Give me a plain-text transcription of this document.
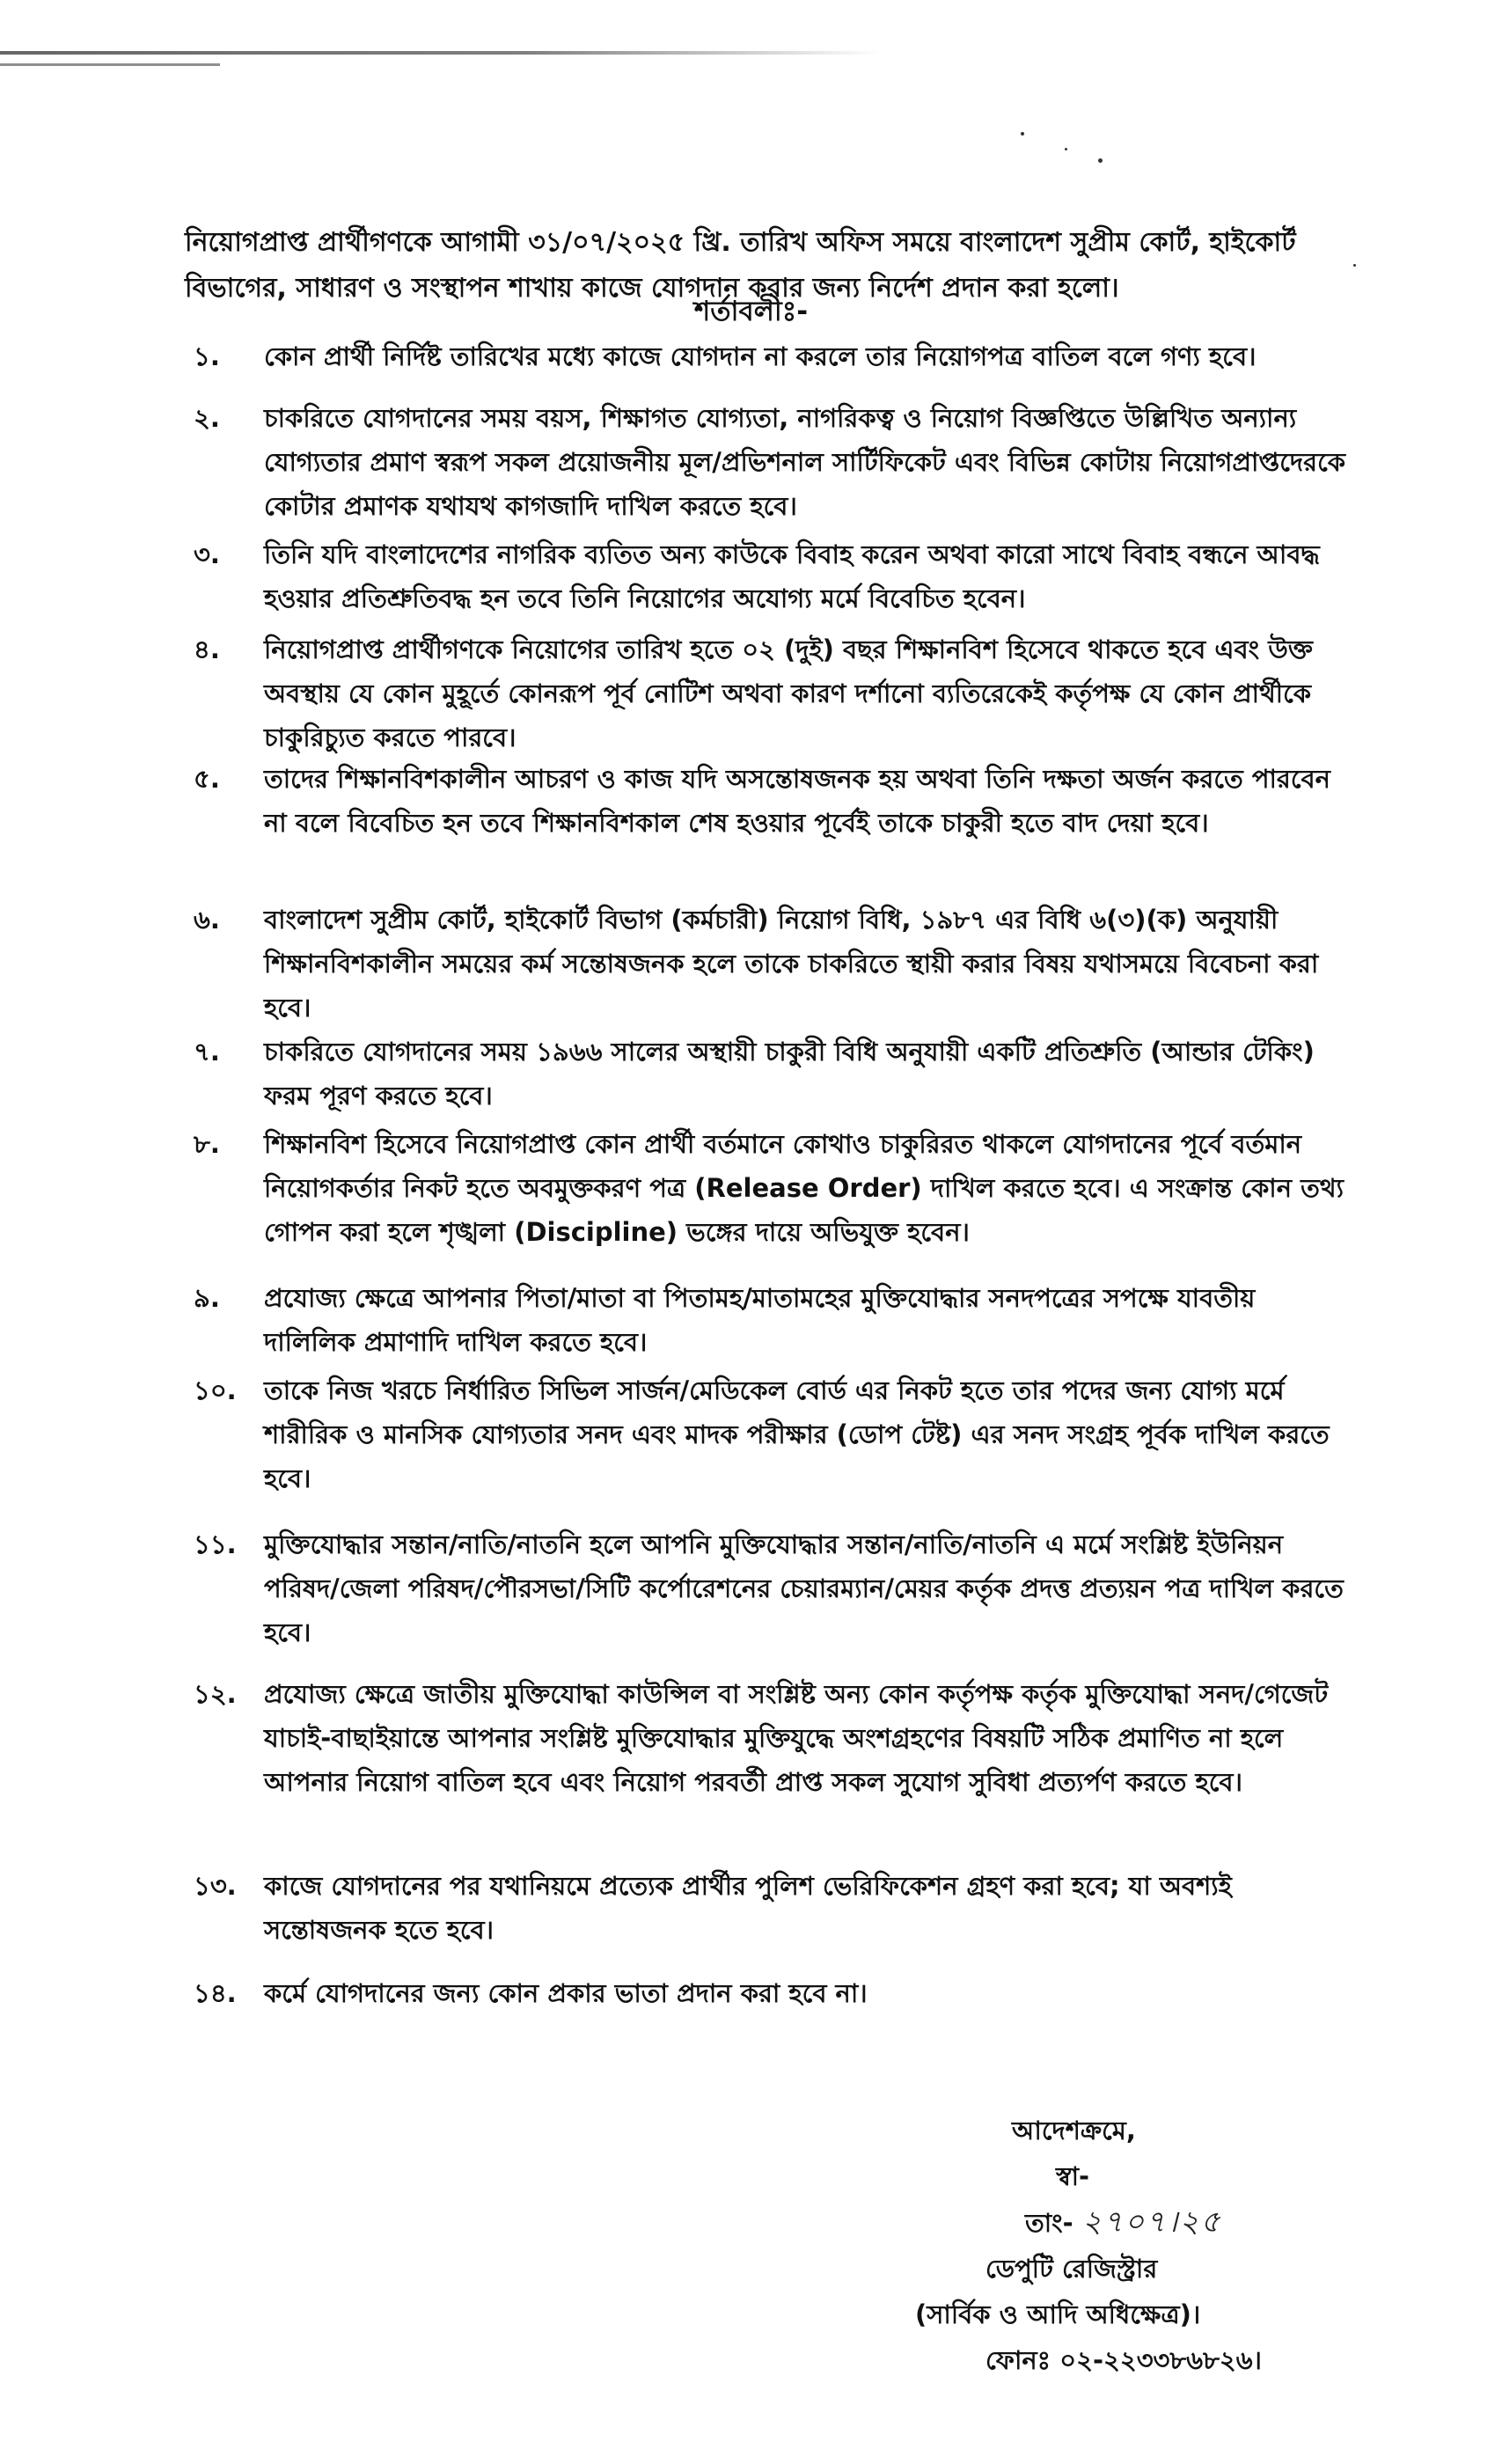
নিয়োগপ্রাপ্ত প্রার্থীগণকে আগামী ৩১/০৭/২০২৫ খ্রি. তারিখ অফিস সময়ে বাংলাদেশ সুপ্রীম কোর্ট, হাইকোর্ট বিভাগের, সাধারণ ও সংস্থাপন শাখায় কাজে যোগদান করার জন্য নির্দেশ প্রদান করা হলো।

শর্তাবলীঃ-
১.	কোন প্রার্থী নির্দিষ্ট তারিখের মধ্যে কাজে যোগদান না করলে তার নিয়োগপত্র বাতিল বলে গণ্য হবে।
২.	চাকরিতে যোগদানের সময় বয়স, শিক্ষাগত যোগ্যতা, নাগরিকত্ব ও নিয়োগ বিজ্ঞপ্তিতে উল্লিখিত অন্যান্য যোগ্যতার প্রমাণ স্বরূপ সকল প্রয়োজনীয় মূল/প্রভিশনাল সার্টিফিকেট এবং বিভিন্ন কোটায় নিয়োগপ্রাপ্তদেরকে কোটার প্রমাণক যথাযথ কাগজাদি দাখিল করতে হবে।
৩.	তিনি যদি বাংলাদেশের নাগরিক ব্যতিত অন্য কাউকে বিবাহ করেন অথবা কারো সাথে বিবাহ বন্ধনে আবদ্ধ হওয়ার প্রতিশ্রুতিবদ্ধ হন তবে তিনি নিয়োগের অযোগ্য মর্মে বিবেচিত হবেন।
৪.	নিয়োগপ্রাপ্ত প্রার্থীগণকে নিয়োগের তারিখ হতে ০২ (দুই) বছর শিক্ষানবিশ হিসেবে থাকতে হবে এবং উক্ত অবস্থায় যে কোন মুহূর্তে কোনরূপ পূর্ব নোটিশ অথবা কারণ দর্শানো ব্যতিরেকেই কর্তৃপক্ষ যে কোন প্রার্থীকে চাকুরিচ্যুত করতে পারবে।
৫.	তাদের শিক্ষানবিশকালীন আচরণ ও কাজ যদি অসন্তোষজনক হয় অথবা তিনি দক্ষতা অর্জন করতে পারবেন না বলে বিবেচিত হন তবে শিক্ষানবিশকাল শেষ হওয়ার পূর্বেই তাকে চাকুরী হতে বাদ দেয়া হবে।
৬.	বাংলাদেশ সুপ্রীম কোর্ট, হাইকোর্ট বিভাগ (কর্মচারী) নিয়োগ বিধি, ১৯৮৭ এর বিধি ৬(৩)(ক) অনুযায়ী শিক্ষানবিশকালীন সময়ের কর্ম সন্তোষজনক হলে তাকে চাকরিতে স্থায়ী করার বিষয় যথাসময়ে বিবেচনা করা হবে।
৭.	চাকরিতে যোগদানের সময় ১৯৬৬ সালের অস্থায়ী চাকুরী বিধি অনুযায়ী একটি প্রতিশ্রুতি (আন্ডার টেকিং) ফরম পূরণ করতে হবে।
৮.	শিক্ষানবিশ হিসেবে নিয়োগপ্রাপ্ত কোন প্রার্থী বর্তমানে কোথাও চাকুরিরত থাকলে যোগদানের পূর্বে বর্তমান নিয়োগকর্তার নিকট হতে অবমুক্তকরণ পত্র (Release Order) দাখিল করতে হবে। এ সংক্রান্ত কোন তথ্য গোপন করা হলে শৃঙ্খলা (Discipline) ভঙ্গের দায়ে অভিযুক্ত হবেন।
৯.	প্রযোজ্য ক্ষেত্রে আপনার পিতা/মাতা বা পিতামহ/মাতামহের মুক্তিযোদ্ধার সনদপত্রের সপক্ষে যাবতীয় দালিলিক প্রমাণাদি দাখিল করতে হবে।
১০.	তাকে নিজ খরচে নির্ধারিত সিভিল সার্জন/মেডিকেল বোর্ড এর নিকট হতে তার পদের জন্য যোগ্য মর্মে শারীরিক ও মানসিক যোগ্যতার সনদ এবং মাদক পরীক্ষার (ডোপ টেষ্ট) এর সনদ সংগ্রহ পূর্বক দাখিল করতে হবে।
১১.	মুক্তিযোদ্ধার সন্তান/নাতি/নাতনি হলে আপনি মুক্তিযোদ্ধার সন্তান/নাতি/নাতনি এ মর্মে সংশ্লিষ্ট ইউনিয়ন পরিষদ/জেলা পরিষদ/পৌরসভা/সিটি কর্পোরেশনের চেয়ারম্যান/মেয়র কর্তৃক প্রদত্ত প্রত্যয়ন পত্র দাখিল করতে হবে।
১২.	প্রযোজ্য ক্ষেত্রে জাতীয় মুক্তিযোদ্ধা কাউন্সিল বা সংশ্লিষ্ট অন্য কোন কর্তৃপক্ষ কর্তৃক মুক্তিযোদ্ধা সনদ/গেজেট যাচাই-বাছাইয়ান্তে আপনার সংশ্লিষ্ট মুক্তিযোদ্ধার মুক্তিযুদ্ধে অংশগ্রহণের বিষয়টি সঠিক প্রমাণিত না হলে আপনার নিয়োগ বাতিল হবে এবং নিয়োগ পরবর্তী প্রাপ্ত সকল সুযোগ সুবিধা প্রত্যর্পণ করতে হবে।
১৩.	কাজে যোগদানের পর যথানিয়মে প্রত্যেক প্রার্থীর পুলিশ ভেরিফিকেশন গ্রহণ করা হবে; যা অবশ্যই সন্তোষজনক হতে হবে।
১৪.	কর্মে যোগদানের জন্য কোন প্রকার ভাতা প্রদান করা হবে না।
আদেশক্রমে,
স্বা-
তাং- ২৭০৭।২৫
ডেপুটি রেজিস্ট্রার
(সার্বিক ও আদি অধিক্ষেত্র)।
ফোনঃ ০২-২২৩৩৮৬৮২৬।
